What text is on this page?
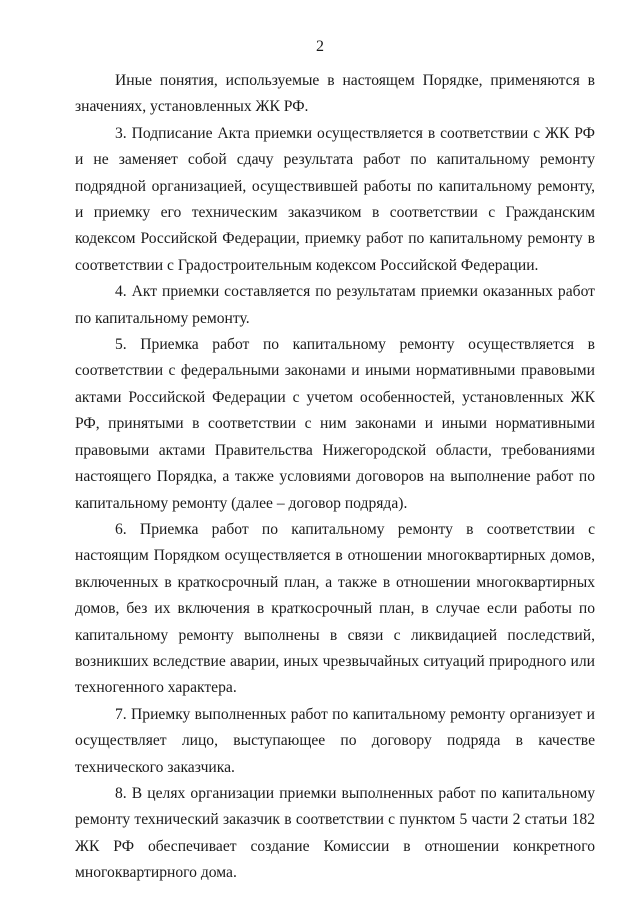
2

Иные понятия, используемые в настоящем Порядке, применяются в значениях, установленных ЖК РФ.

3. Подписание Акта приемки осуществляется в соответствии с ЖК РФ и не заменяет собой сдачу результата работ по капитальному ремонту подрядной организацией, осуществившей работы по капитальному ремонту, и приемку его техническим заказчиком в соответствии с Гражданским кодексом Российской Федерации, приемку работ по капитальному ремонту в соответствии с Градостроительным кодексом Российской Федерации.

4. Акт приемки составляется по результатам приемки оказанных работ по капитальному ремонту.

5. Приемка работ по капитальному ремонту осуществляется в соответствии с федеральными законами и иными нормативными правовыми актами Российской Федерации с учетом особенностей, установленных ЖК РФ, принятыми в соответствии с ним законами и иными нормативными правовыми актами Правительства Нижегородской области, требованиями настоящего Порядка, а также условиями договоров на выполнение работ по капитальному ремонту (далее – договор подряда).

6. Приемка работ по капитальному ремонту в соответствии с настоящим Порядком осуществляется в отношении многоквартирных домов, включенных в краткосрочный план, а также в отношении многоквартирных домов, без их включения в краткосрочный план, в случае если работы по капитальному ремонту выполнены в связи с ликвидацией последствий, возникших вследствие аварии, иных чрезвычайных ситуаций природного или техногенного характера.

7. Приемку выполненных работ по капитальному ремонту организует и осуществляет лицо, выступающее по договору подряда в качестве технического заказчика.

8. В целях организации приемки выполненных работ по капитальному ремонту технический заказчик в соответствии с пунктом 5 части 2 статьи 182 ЖК РФ обеспечивает создание Комиссии в отношении конкретного многоквартирного дома.
